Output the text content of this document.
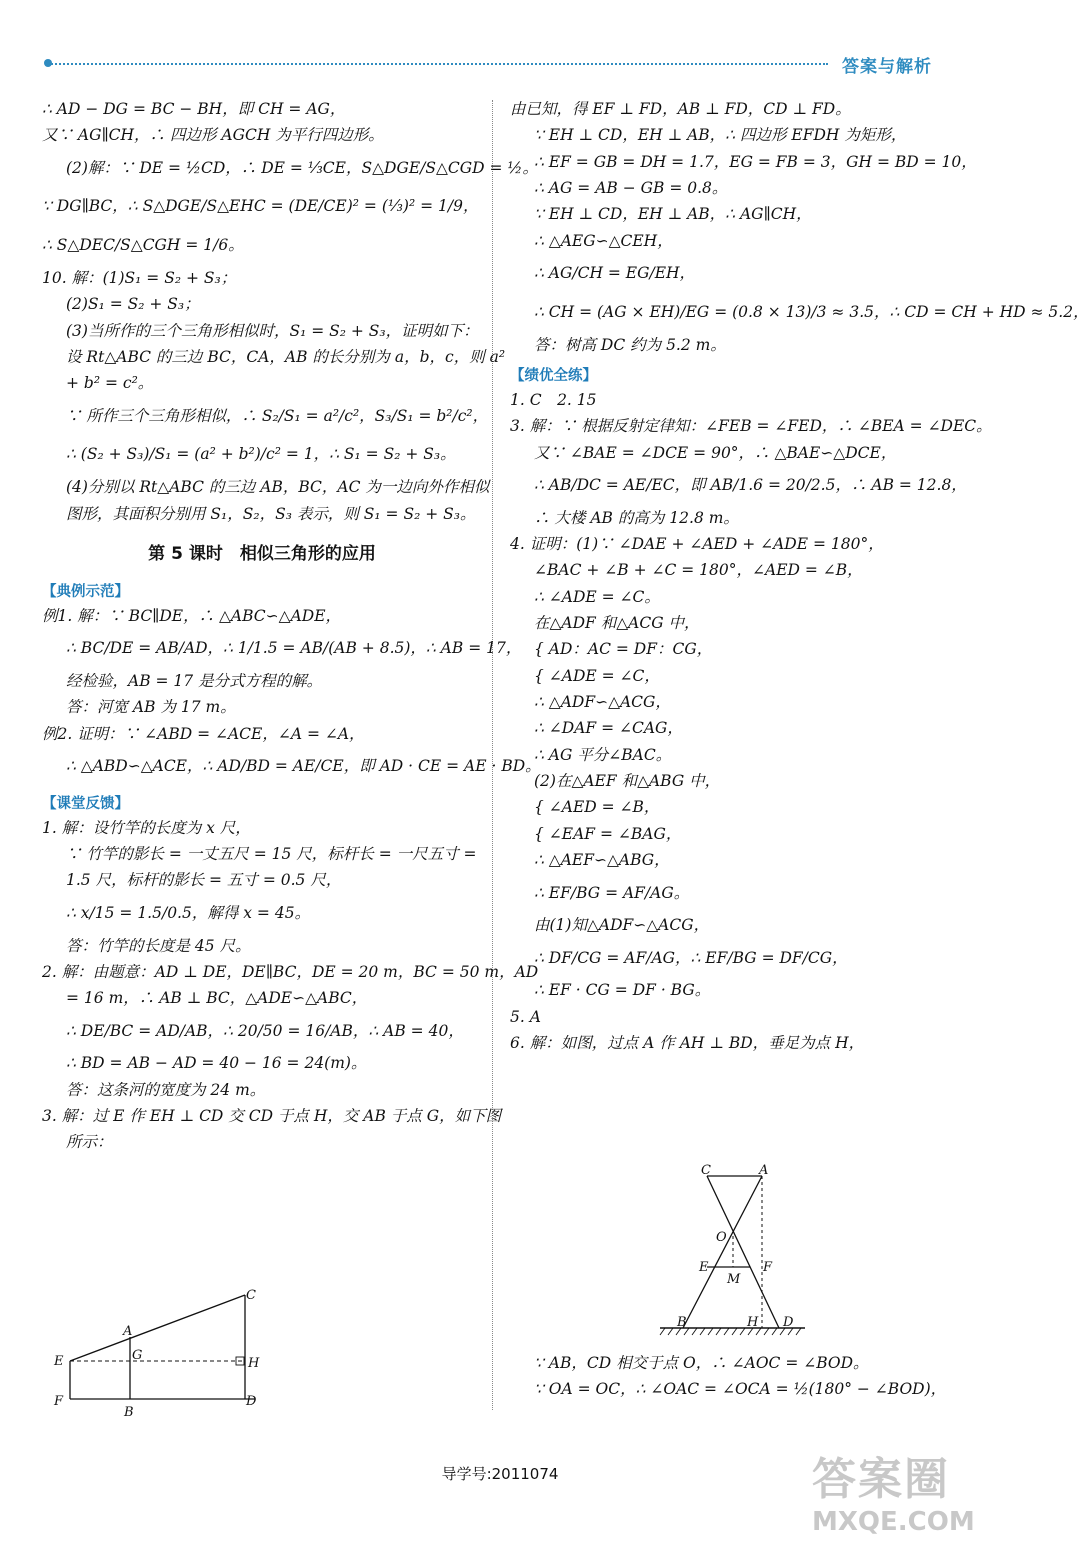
答案与解析
∴ AD − DG = BC − BH，即 CH = AG，
又∵ AG∥CH，∴ 四边形 AGCH 为平行四边形。
(2)解：∵ DE = ½CD，∴ DE = ⅓CE，S△DGE/S△CGD = ½。
∵ DG∥BC，∴ S△DGE/S△EHC = (DE/CE)² = (⅓)² = 1/9，
∴ S△DEC/S△CGH = 1/6。
10. 解：(1)S₁ = S₂ + S₃；
(2)S₁ = S₂ + S₃；
(3)当所作的三个三角形相似时，S₁ = S₂ + S₃，证明如下：
设 Rt△ABC 的三边 BC，CA，AB 的长分别为 a，b，c，则 a²
+ b² = c²。
∵ 所作三个三角形相似，∴ S₂/S₁ = a²/c²，S₃/S₁ = b²/c²，
∴ (S₂ + S₃)/S₁ = (a² + b²)/c² = 1，∴ S₁ = S₂ + S₃。
(4)分别以 Rt△ABC 的三边 AB，BC，AC 为一边向外作相似
图形，其面积分别用 S₁，S₂，S₃ 表示，则 S₁ = S₂ + S₃。
第 5 课时　相似三角形的应用
【典例示范】
例1. 解：∵ BC∥DE，∴ △ABC∽△ADE，
∴ BC/DE = AB/AD，∴ 1/1.5 = AB/(AB + 8.5)，∴ AB = 17，
经检验，AB = 17 是分式方程的解。
答：河宽 AB 为 17 m。
例2. 证明：∵ ∠ABD = ∠ACE，∠A = ∠A，
∴ △ABD∽△ACE，∴ AD/BD = AE/CE，即 AD · CE = AE · BD。
【课堂反馈】
1. 解：设竹竿的长度为 x 尺，
∵ 竹竿的影长 = 一丈五尺 = 15 尺，标杆长 = 一尺五寸 =
1.5 尺，标杆的影长 = 五寸 = 0.5 尺，
∴ x/15 = 1.5/0.5，解得 x = 45。
答：竹竿的长度是 45 尺。
2. 解：由题意：AD ⊥ DE，DE∥BC，DE = 20 m，BC = 50 m，AD
= 16 m，∴ AB ⊥ BC，△ADE∽△ABC，
∴ DE/BC = AD/AB，∴ 20/50 = 16/AB，∴ AB = 40，
∴ BD = AB − AD = 40 − 16 = 24(m)。
答：这条河的宽度为 24 m。
3. 解：过 E 作 EH ⊥ CD 交 CD 于点 H，交 AB 于点 G，如下图
所示：
C
A
G
E	H
F
B
D
由已知，得 EF ⊥ FD，AB ⊥ FD，CD ⊥ FD。
∵ EH ⊥ CD，EH ⊥ AB，∴ 四边形 EFDH 为矩形，
∴ EF = GB = DH = 1.7，EG = FB = 3，GH = BD = 10，
∴ AG = AB − GB = 0.8。
∵ EH ⊥ CD，EH ⊥ AB，∴ AG∥CH，
∴ △AEG∽△CEH，
∴ AG/CH = EG/EH，
∴ CH = (AG × EH)/EG = (0.8 × 13)/3 ≈ 3.5，∴ CD = CH + HD ≈ 5.2，
答：树高 DC 约为 5.2 m。
【绩优全练】
1. C　2. 15
3. 解：∵ 根据反射定律知：∠FEB = ∠FED，∴ ∠BEA = ∠DEC。
又∵ ∠BAE = ∠DCE = 90°，∴ △BAE∽△DCE，
∴ AB/DC = AE/EC，即 AB/1.6 = 20/2.5，∴ AB = 12.8，
∴ 大楼 AB 的高为 12.8 m。
4. 证明：(1)∵ ∠DAE + ∠AED + ∠ADE = 180°，
∠BAC + ∠B + ∠C = 180°，∠AED = ∠B，
∴ ∠ADE = ∠C。
在△ADF 和△ACG 中，
{ AD：AC = DF：CG，
{ ∠ADE = ∠C，
∴ △ADF∽△ACG，
∴ ∠DAF = ∠CAG，
∴ AG 平分∠BAC。
(2)在△AEF 和△ABG 中，
{ ∠AED = ∠B，
{ ∠EAF = ∠BAG，
∴ △AEF∽△ABG，
∴ EF/BG = AF/AG。
由(1)知△ADF∽△ACG，
∴ DF/CG = AF/AG，∴ EF/BG = DF/CG，
∴ EF · CG = DF · BG。
5. A
6. 解：如图，过点 A 作 AH ⊥ BD，垂足为点 H，
C	A
O
E	F
M
B	H D
∵ AB，CD 相交于点 O，∴ ∠AOC = ∠BOD。
∵ OA = OC，∴ ∠OAC = ∠OCA = ½(180° − ∠BOD)，
导学号:2011074	答案圈
MXQE.COM
